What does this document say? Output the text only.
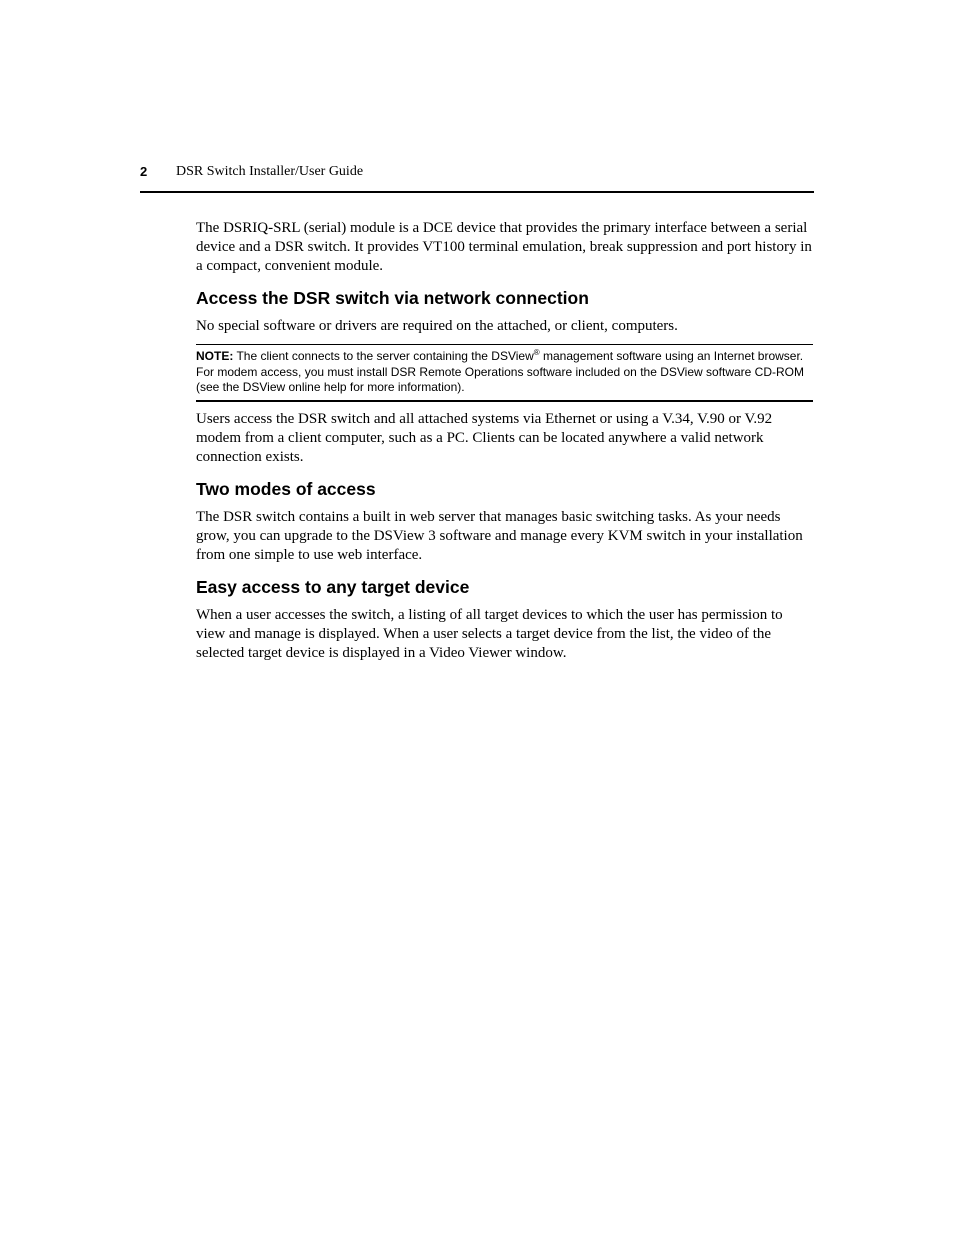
2 DSR Switch Installer/User Guide

The DSRIQ-SRL (serial) module is a DCE device that provides the primary interface between a serial device and a DSR switch. It provides VT100 terminal emulation, break suppression and port history in a compact, convenient module.

Access the DSR switch via network connection

No special software or drivers are required on the attached, or client, computers.

NOTE: The client connects to the server containing the DSView® management software using an Internet browser. For modem access, you must install DSR Remote Operations software included on the DSView software CD-ROM (see the DSView online help for more information).

Users access the DSR switch and all attached systems via Ethernet or using a V.34, V.90 or V.92 modem from a client computer, such as a PC. Clients can be located anywhere a valid network connection exists.

Two modes of access

The DSR switch contains a built in web server that manages basic switching tasks. As your needs grow, you can upgrade to the DSView 3 software and manage every KVM switch in your installation from one simple to use web interface.

Easy access to any target device

When a user accesses the switch, a listing of all target devices to which the user has permission to view and manage is displayed. When a user selects a target device from the list, the video of the selected target device is displayed in a Video Viewer window.
